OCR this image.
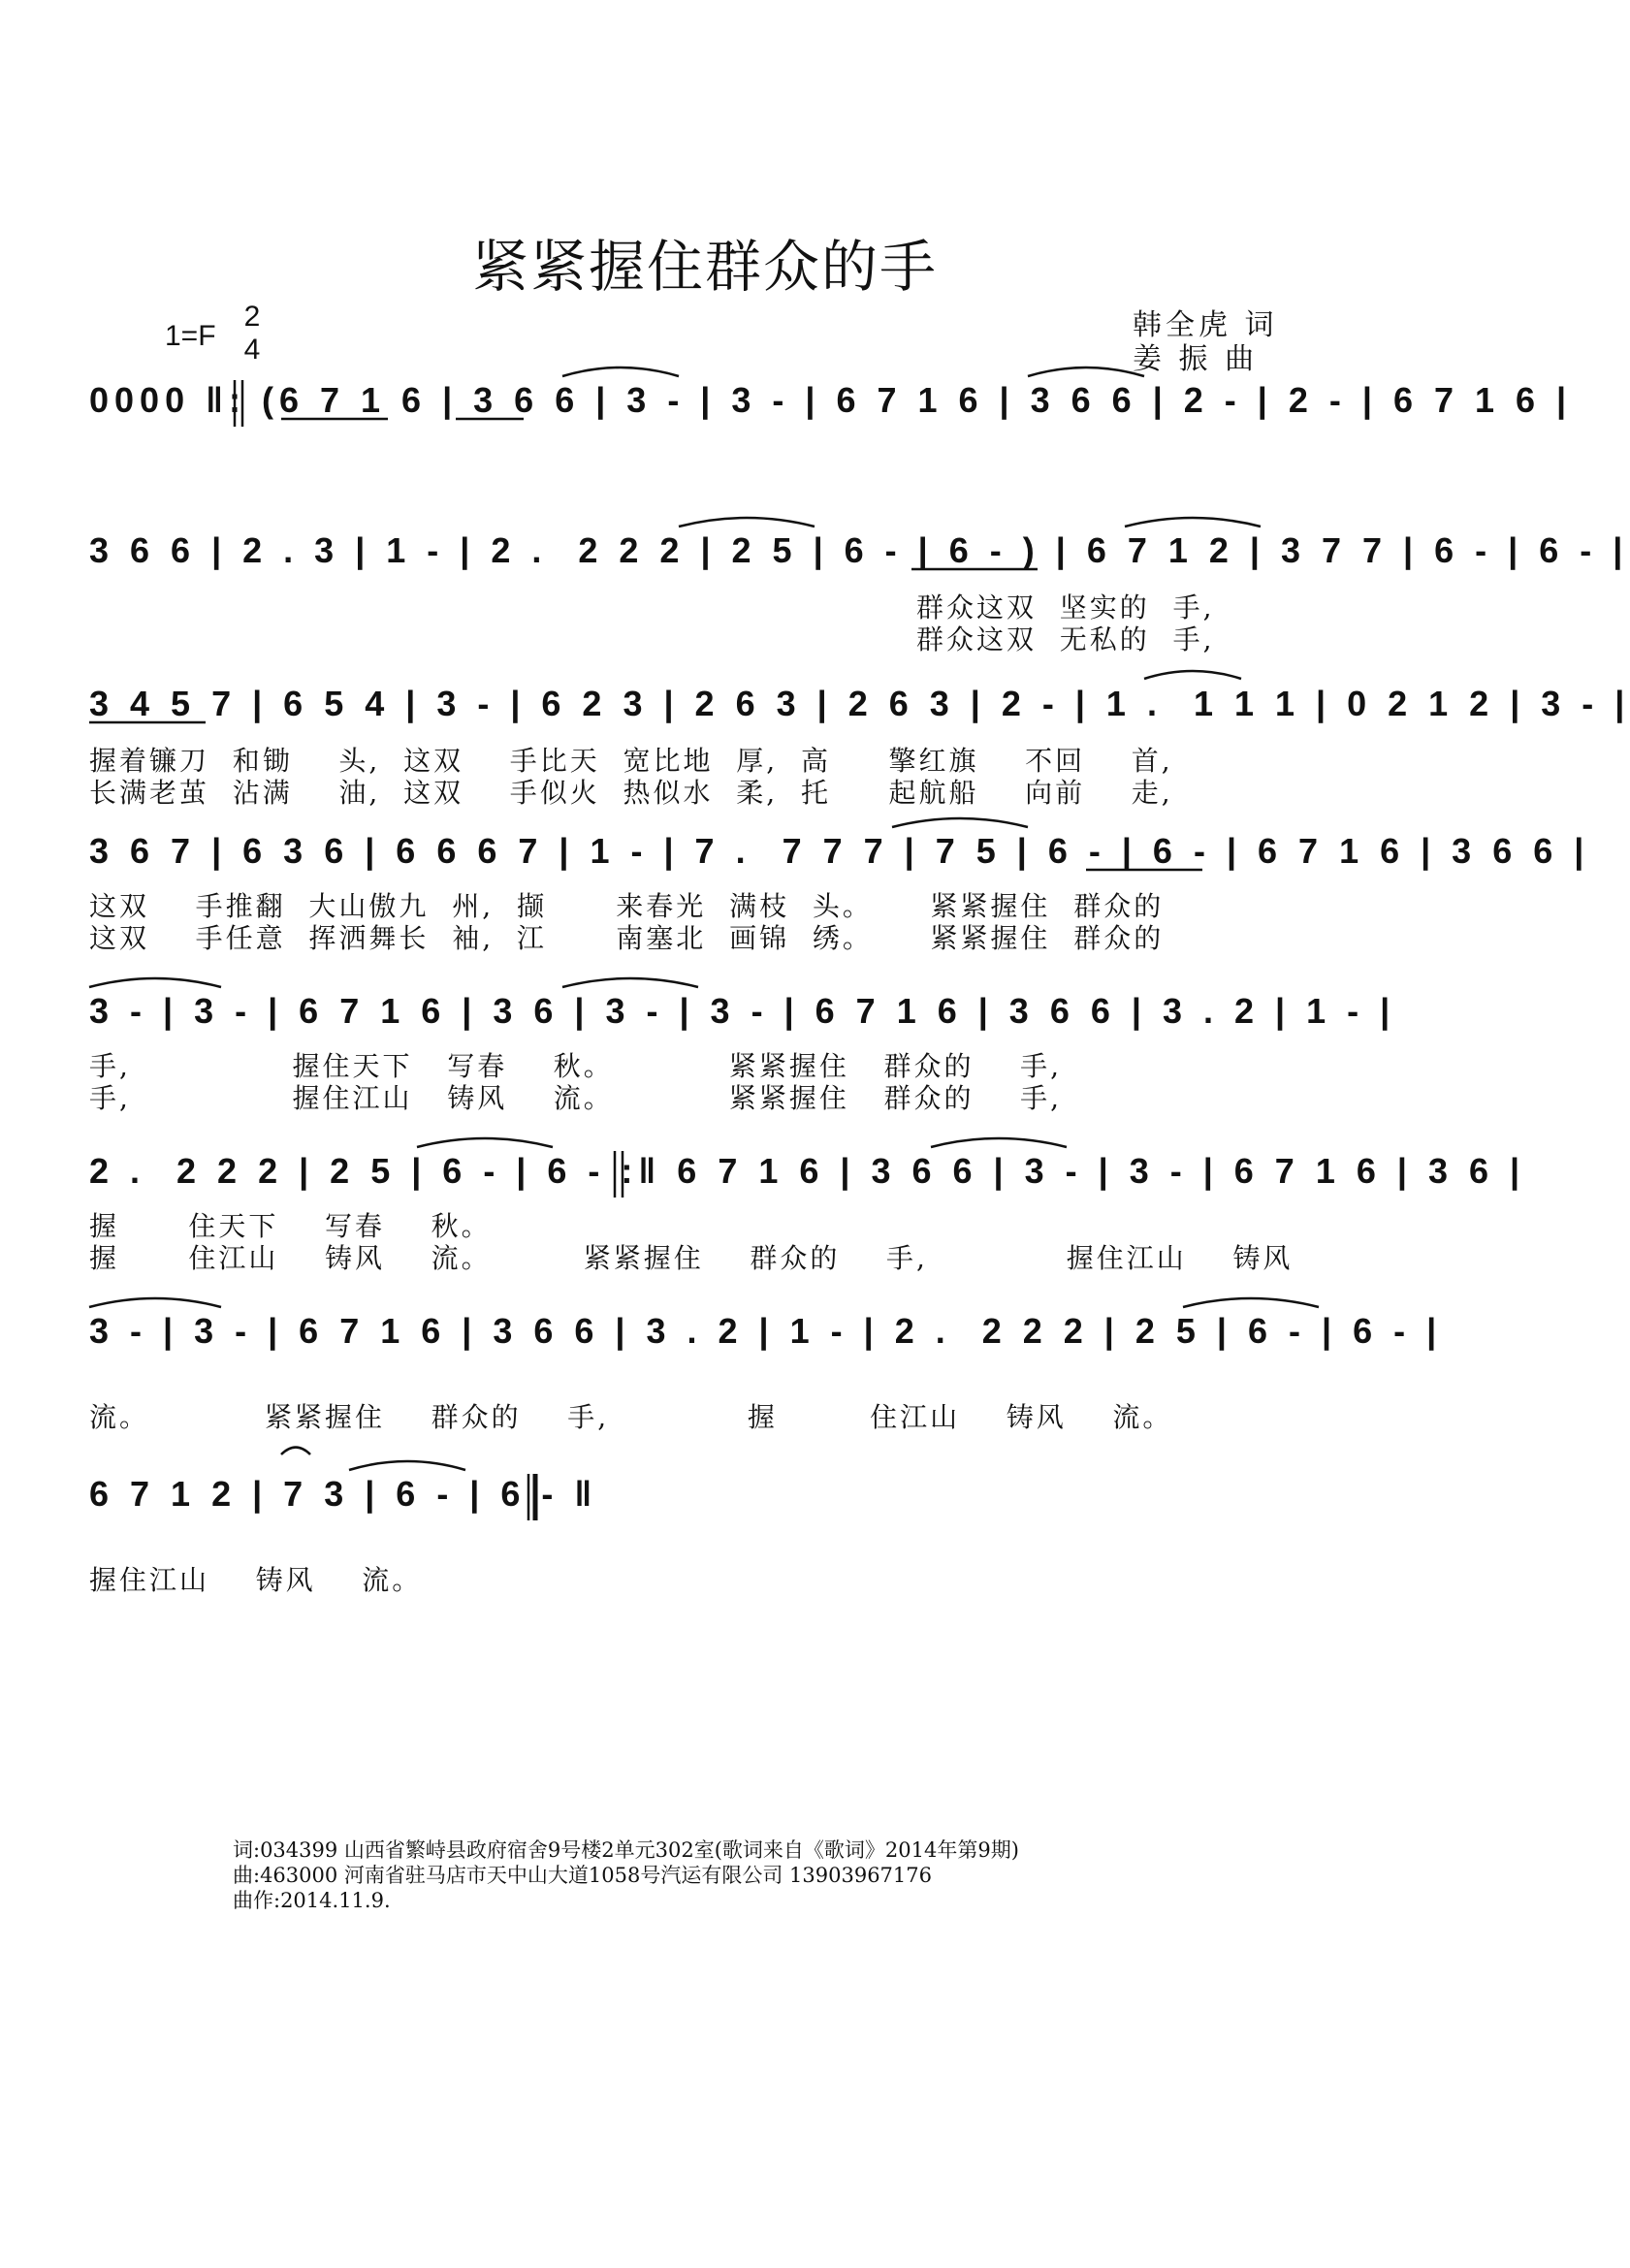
紧紧握住群众的手
1=F
2
4
韩全虎 词
姜 振 曲
0000 ‖: (6 7 1 6 | 3 6 6 | 3 - | 3 - | 6 7 1 6 | 3 6 6 | 2 - | 2 - | 6 7 1 6 |
3 6 6 | 2 . 3 | 1 - | 2 .  2 2 2 | 2 5 | 6 - | 6 - ) | 6 7 1 2 | 3 7 7 | 6 - | 6 - |
群众这双  坚实的  手,
群众这双  无私的  手,
3 4 5 7 | 6 5 4 | 3 - | 6 2 3 | 2 6 3 | 2 6 3 | 2 - | 1 .  1 1 1 | 0 2 1 2 | 3 - |
握着镰刀  和锄    头,  这双    手比天  宽比地  厚,  高     擎红旗    不回    首,
长满老茧  沾满    油,  这双    手似火  热似水  柔,  托     起航船    向前    走,
3 6 7 | 6 3 6 | 6 6 6 7 | 1 - | 7 .  7 7 7 | 7 5 | 6 - | 6 - | 6 7 1 6 | 3 6 6 |
这双    手推翻  大山傲九  州,  撷      来春光  满枝  头。     紧紧握住  群众的
这双    手任意  挥洒舞长  袖,  江      南塞北  画锦  绣。     紧紧握住  群众的
3 - | 3 - | 6 7 1 6 | 3 6 | 3 - | 3 - | 6 7 1 6 | 3 6 6 | 3 . 2 | 1 - |
手,              握住天下   写春    秋。          紧紧握住   群众的    手,
手,              握住江山   铸风    流。          紧紧握住   群众的    手,
2 .  2 2 2 | 2 5 | 6 - | 6 - :‖ 6 7 1 6 | 3 6 6 | 3 - | 3 - | 6 7 1 6 | 3 6 |
握      住天下    写春    秋。
握      住江山    铸风    流。        紧紧握住    群众的    手,            握住江山    铸风
3 - | 3 - | 6 7 1 6 | 3 6 6 | 3 . 2 | 1 - | 2 .  2 2 2 | 2 5 | 6 - | 6 - |
流。          紧紧握住    群众的    手,            握        住江山    铸风    流。
6 7 1 2 | 7 3 | 6 - | 6 - ‖
握住江山    铸风    流。
词:034399 山西省繁峙县政府宿舍9号楼2单元302室(歌词来自《歌词》2014年第9期)
曲:463000 河南省驻马店市天中山大道1058号汽运有限公司 13903967176
曲作:2014.11.9.
